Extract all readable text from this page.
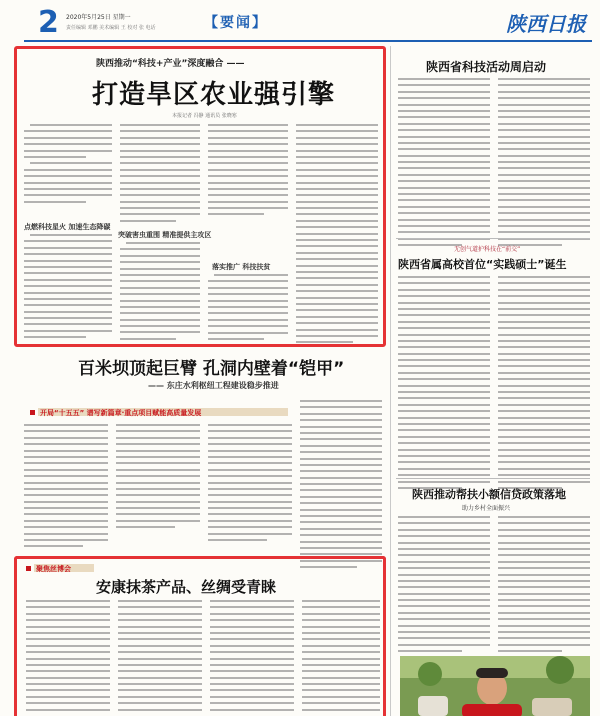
2 2020年5月25日 星期一
责任编辑 邓鹏 美术编辑 王 校对 张 电话	【要闻】	陕西日报
陕西推动“科技+产业”深度融合 ——
打造旱区农业强引擎
本报记者 冯静 通讯员 张晓寒
点燃科技星火 加速生态降碳
突破害虫重围 精准提供主攻区
落实推广 科技扶贫
百米坝顶起巨臂 孔洞内壁着“铠甲”
—— 东庄水利枢纽工程建设稳步推进
开局“十五五” 谱写新篇章·重点项目赋能高质量发展
聚焦丝博会
安康抹茶产品、丝绸受青睐
陕西省科技活动周启动
无创气道护科技在“前交”
陕西省属高校首位“实践硕士”诞生
陕西推动帮扶小额信贷政策落地
助力乡村全面振兴
